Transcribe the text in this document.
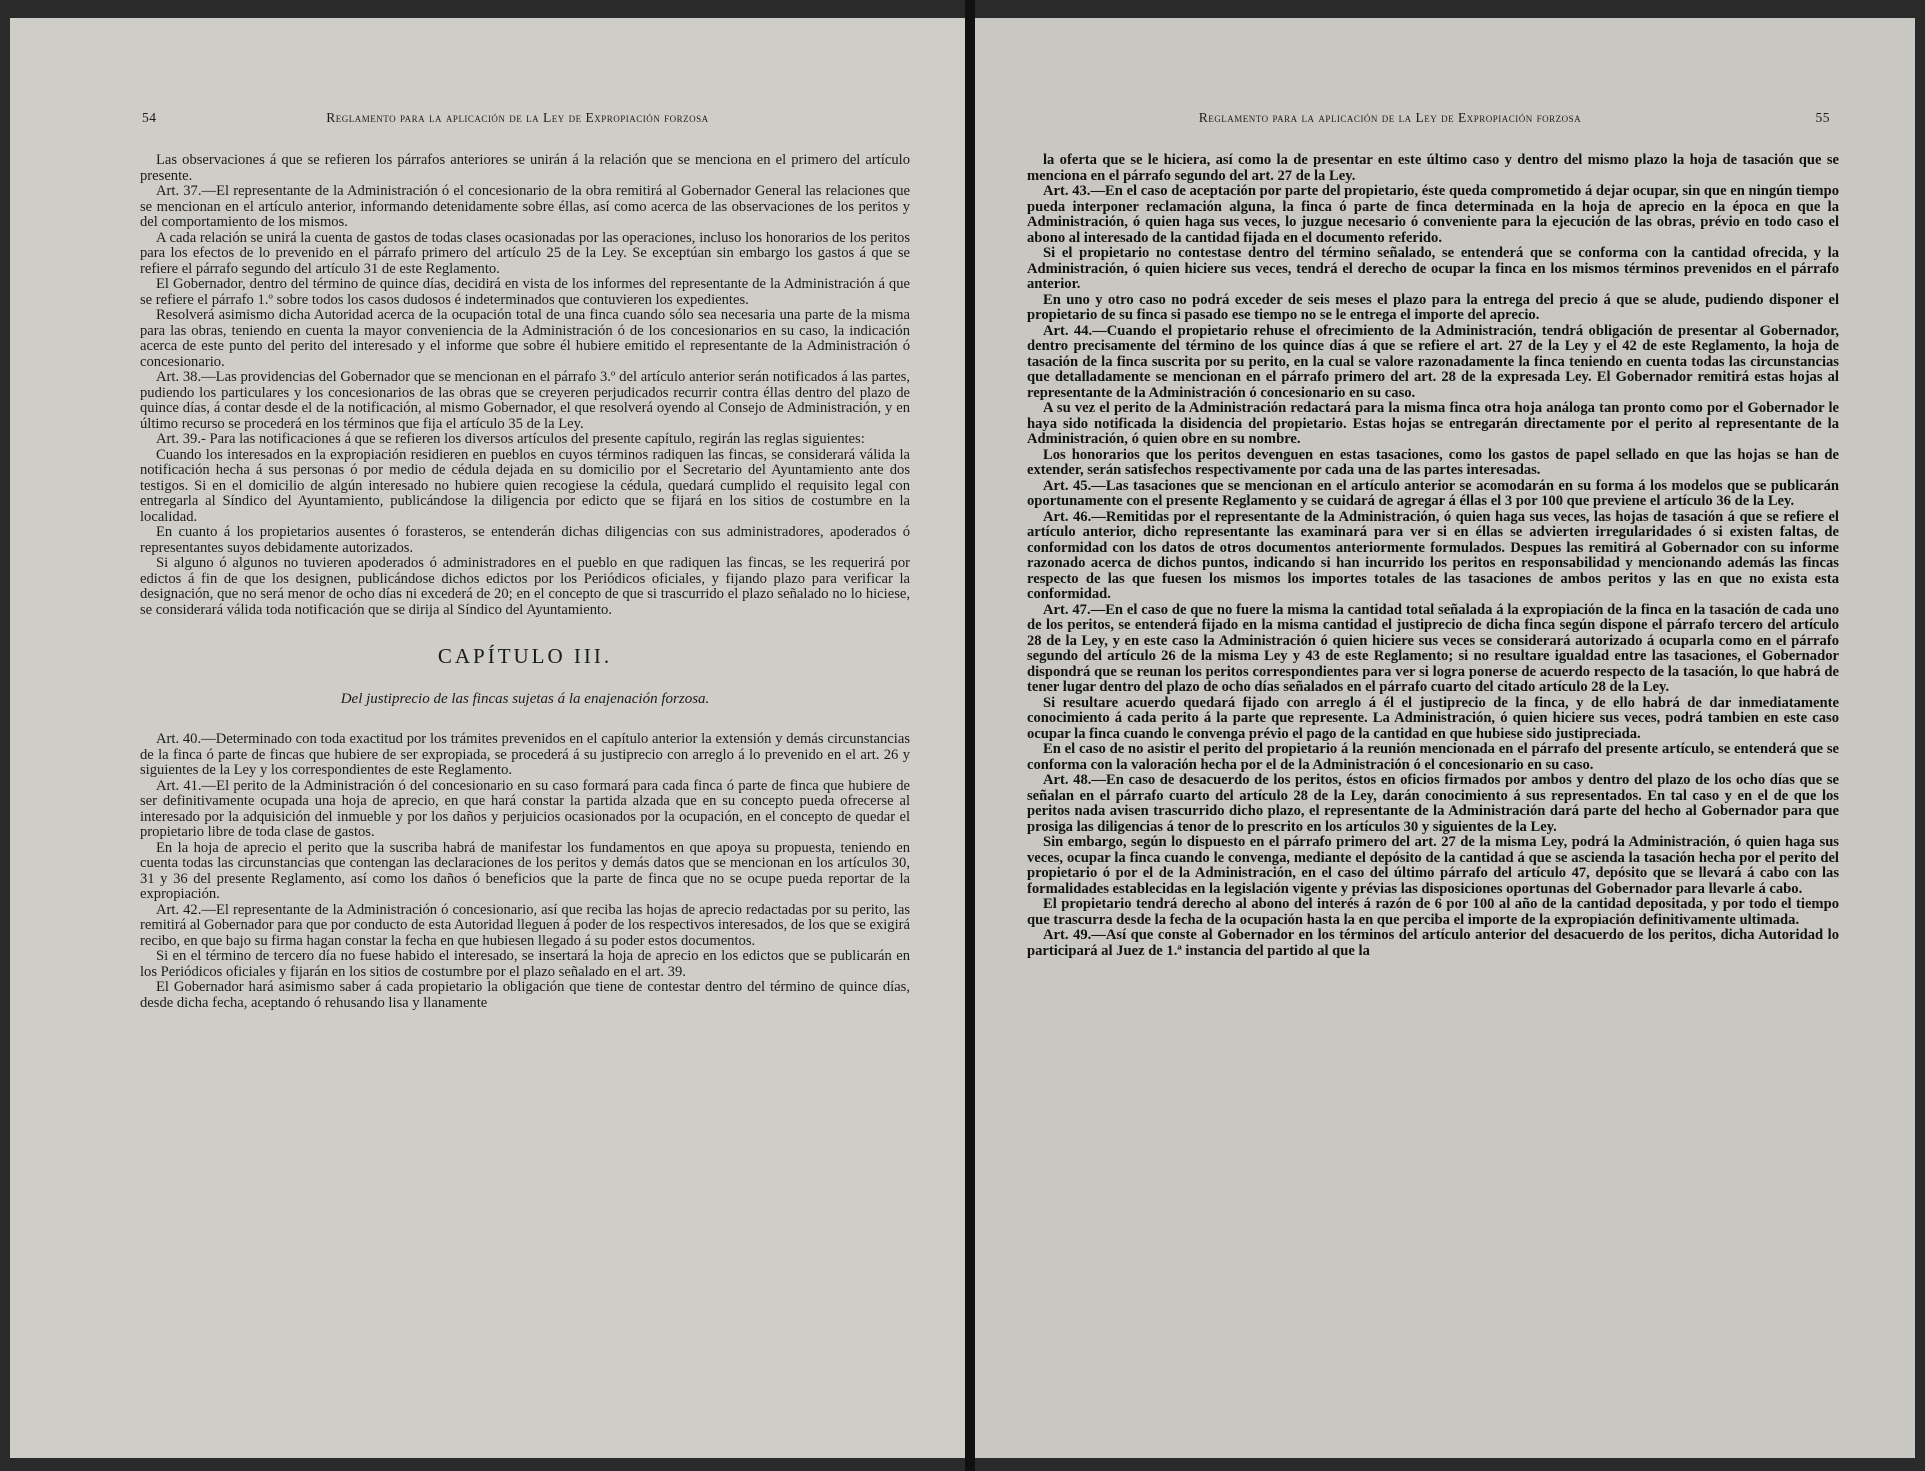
54	Reglamento para la aplicación de la Ley de Expropiación forzosa

Las observaciones á que se refieren los párrafos anteriores se unirán á la relación que se menciona en el primero del artículo presente.

Art. 37.—El representante de la Administración ó el concesionario de la obra remitirá al Gobernador General las relaciones que se mencionan en el artículo anterior, informando detenidamente sobre éllas, así como acerca de las observaciones de los peritos y del comportamiento de los mismos.

A cada relación se unirá la cuenta de gastos de todas clases ocasionadas por las operaciones, incluso los honorarios de los peritos para los efectos de lo prevenido en el párrafo primero del artículo 25 de la Ley. Se exceptúan sin embargo los gastos á que se refiere el párrafo segundo del artículo 31 de este Reglamento.

El Gobernador, dentro del término de quince días, decidirá en vista de los informes del representante de la Administración á que se refiere el párrafo 1.º sobre todos los casos dudosos é indeterminados que contuvieren los expedientes.

Resolverá asimismo dicha Autoridad acerca de la ocupación total de una finca cuando sólo sea necesaria una parte de la misma para las obras, teniendo en cuenta la mayor conveniencia de la Administración ó de los concesionarios en su caso, la indicación acerca de este punto del perito del interesado y el informe que sobre él hubiere emitido el representante de la Administración ó concesionario.

Art. 38.—Las providencias del Gobernador que se mencionan en el párrafo 3.º del artículo anterior serán notificados á las partes, pudiendo los particulares y los concesionarios de las obras que se creyeren perjudicados recurrir contra éllas dentro del plazo de quince días, á contar desde el de la notificación, al mismo Gobernador, el que resolverá oyendo al Consejo de Administración, y en último recurso se procederá en los términos que fija el artículo 35 de la Ley.

Art. 39.- Para las notificaciones á que se refieren los diversos artículos del presente capítulo, regirán las reglas siguientes:

Cuando los interesados en la expropiación residieren en pueblos en cuyos términos radiquen las fincas, se considerará válida la notificación hecha á sus personas ó por medio de cédula dejada en su domicilio por el Secretario del Ayuntamiento ante dos testigos. Si en el domicilio de algún interesado no hubiere quien recogiese la cédula, quedará cumplido el requisito legal con entregarla al Síndico del Ayuntamiento, publicándose la diligencia por edicto que se fijará en los sitios de costumbre en la localidad.

En cuanto á los propietarios ausentes ó forasteros, se entenderán dichas diligencias con sus administradores, apoderados ó representantes suyos debidamente autorizados.

Si alguno ó algunos no tuvieren apoderados ó administradores en el pueblo en que radiquen las fincas, se les requerirá por edictos á fin de que los designen, publicándose dichos edictos por los Periódicos oficiales, y fijando plazo para verificar la designación, que no será menor de ocho días ni excederá de 20; en el concepto de que si trascurrido el plazo señalado no lo hiciese, se considerará válida toda notificación que se dirija al Síndico del Ayuntamiento.

CAPÍTULO III.
Del justiprecio de las fincas sujetas á la enajenación forzosa.

Art. 40.—Determinado con toda exactitud por los trámites prevenidos en el capítulo anterior la extensión y demás circunstancias de la finca ó parte de fincas que hubiere de ser expropiada, se procederá á su justiprecio con arreglo á lo prevenido en el art. 26 y siguientes de la Ley y los correspondientes de este Reglamento.

Art. 41.—El perito de la Administración ó del concesionario en su caso formará para cada finca ó parte de finca que hubiere de ser definitivamente ocupada una hoja de aprecio, en que hará constar la partida alzada que en su concepto pueda ofrecerse al interesado por la adquisición del inmueble y por los daños y perjuicios ocasionados por la ocupación, en el concepto de quedar el propietario libre de toda clase de gastos.

En la hoja de aprecio el perito que la suscriba habrá de manifestar los fundamentos en que apoya su propuesta, teniendo en cuenta todas las circunstancias que contengan las declaraciones de los peritos y demás datos que se mencionan en los artículos 30, 31 y 36 del presente Reglamento, así como los daños ó beneficios que la parte de finca que no se ocupe pueda reportar de la expropiación.

Art. 42.—El representante de la Administración ó concesionario, así que reciba las hojas de aprecio redactadas por su perito, las remitirá al Gobernador para que por conducto de esta Autoridad lleguen á poder de los respectivos interesados, de los que se exigirá recibo, en que bajo su firma hagan constar la fecha en que hubiesen llegado á su poder estos documentos.

Si en el término de tercero día no fuese habido el interesado, se insertará la hoja de aprecio en los edictos que se publicarán en los Periódicos oficiales y fijarán en los sitios de costumbre por el plazo señalado en el art. 39.

El Gobernador hará asimismo saber á cada propietario la obligación que tiene de contestar dentro del término de quince días, desde dicha fecha, aceptando ó rehusando lisa y llanamente

Reglamento para la aplicación de la Ley de Expropiación forzosa	55

la oferta que se le hiciera, así como la de presentar en este último caso y dentro del mismo plazo la hoja de tasación que se menciona en el párrafo segundo del art. 27 de la Ley.

Art. 43.—En el caso de aceptación por parte del propietario, éste queda comprometido á dejar ocupar, sin que en ningún tiempo pueda interponer reclamación alguna, la finca ó parte de finca determinada en la hoja de aprecio en la época en que la Administración, ó quien haga sus veces, lo juzgue necesario ó conveniente para la ejecución de las obras, prévio en todo caso el abono al interesado de la cantidad fijada en el documento referido.

Si el propietario no contestase dentro del término señalado, se entenderá que se conforma con la cantidad ofrecida, y la Administración, ó quien hiciere sus veces, tendrá el derecho de ocupar la finca en los mismos términos prevenidos en el párrafo anterior.

En uno y otro caso no podrá exceder de seis meses el plazo para la entrega del precio á que se alude, pudiendo disponer el propietario de su finca si pasado ese tiempo no se le entrega el importe del aprecio.

Art. 44.—Cuando el propietario rehuse el ofrecimiento de la Administración, tendrá obligación de presentar al Gobernador, dentro precisamente del término de los quince días á que se refiere el art. 27 de la Ley y el 42 de este Reglamento, la hoja de tasación de la finca suscrita por su perito, en la cual se valore razonadamente la finca teniendo en cuenta todas las circunstancias que detalladamente se mencionan en el párrafo primero del art. 28 de la expresada Ley. El Gobernador remitirá estas hojas al representante de la Administración ó concesionario en su caso.

A su vez el perito de la Administración redactará para la misma finca otra hoja análoga tan pronto como por el Gobernador le haya sido notificada la disidencia del propietario. Estas hojas se entregarán directamente por el perito al representante de la Administración, ó quien obre en su nombre.

Los honorarios que los peritos devenguen en estas tasaciones, como los gastos de papel sellado en que las hojas se han de extender, serán satisfechos respectivamente por cada una de las partes interesadas.

Art. 45.—Las tasaciones que se mencionan en el artículo anterior se acomodarán en su forma á los modelos que se publicarán oportunamente con el presente Reglamento y se cuidará de agregar á éllas el 3 por 100 que previene el artículo 36 de la Ley.

Art. 46.—Remitidas por el representante de la Administración, ó quien haga sus veces, las hojas de tasación á que se refiere el artículo anterior, dicho representante las examinará para ver si en éllas se advierten irregularidades ó si existen faltas, de conformidad con los datos de otros documentos anteriormente formulados. Despues las remitirá al Gobernador con su informe razonado acerca de dichos puntos, indicando si han incurrido los peritos en responsabilidad y mencionando además las fincas respecto de las que fuesen los mismos los importes totales de las tasaciones de ambos peritos y las en que no exista esta conformidad.

Art. 47.—En el caso de que no fuere la misma la cantidad total señalada á la expropiación de la finca en la tasación de cada uno de los peritos, se entenderá fijado en la misma cantidad el justiprecio de dicha finca según dispone el párrafo tercero del artículo 28 de la Ley, y en este caso la Administración ó quien hiciere sus veces se considerará autorizado á ocuparla como en el párrafo segundo del artículo 26 de la misma Ley y 43 de este Reglamento; si no resultare igualdad entre las tasaciones, el Gobernador dispondrá que se reunan los peritos correspondientes para ver si logra ponerse de acuerdo respecto de la tasación, lo que habrá de tener lugar dentro del plazo de ocho días señalados en el párrafo cuarto del citado artículo 28 de la Ley.

Si resultare acuerdo quedará fijado con arreglo á él el justiprecio de la finca, y de ello habrá de dar inmediatamente conocimiento á cada perito á la parte que represente. La Administración, ó quien hiciere sus veces, podrá tambien en este caso ocupar la finca cuando le convenga prévio el pago de la cantidad en que hubiese sido justipreciada.

En el caso de no asistir el perito del propietario á la reunión mencionada en el párrafo del presente artículo, se entenderá que se conforma con la valoración hecha por el de la Administración ó el concesionario en su caso.

Art. 48.—En caso de desacuerdo de los peritos, éstos en oficios firmados por ambos y dentro del plazo de los ocho días que se señalan en el párrafo cuarto del artículo 28 de la Ley, darán conocimiento á sus representados. En tal caso y en el de que los peritos nada avisen trascurrido dicho plazo, el representante de la Administración dará parte del hecho al Gobernador para que prosiga las diligencias á tenor de lo prescrito en los artículos 30 y siguientes de la Ley.

Sin embargo, según lo dispuesto en el párrafo primero del art. 27 de la misma Ley, podrá la Administración, ó quien haga sus veces, ocupar la finca cuando le convenga, mediante el depósito de la cantidad á que se ascienda la tasación hecha por el perito del propietario ó por el de la Administración, en el caso del último párrafo del artículo 47, depósito que se llevará á cabo con las formalidades establecidas en la legislación vigente y prévias las disposiciones oportunas del Gobernador para llevarle á cabo.

El propietario tendrá derecho al abono del interés á razón de 6 por 100 al año de la cantidad depositada, y por todo el tiempo que trascurra desde la fecha de la ocupación hasta la en que perciba el importe de la expropiación definitivamente ultimada.

Art. 49.—Así que conste al Gobernador en los términos del artículo anterior del desacuerdo de los peritos, dicha Autoridad lo participará al Juez de 1.ª instancia del partido al que la
